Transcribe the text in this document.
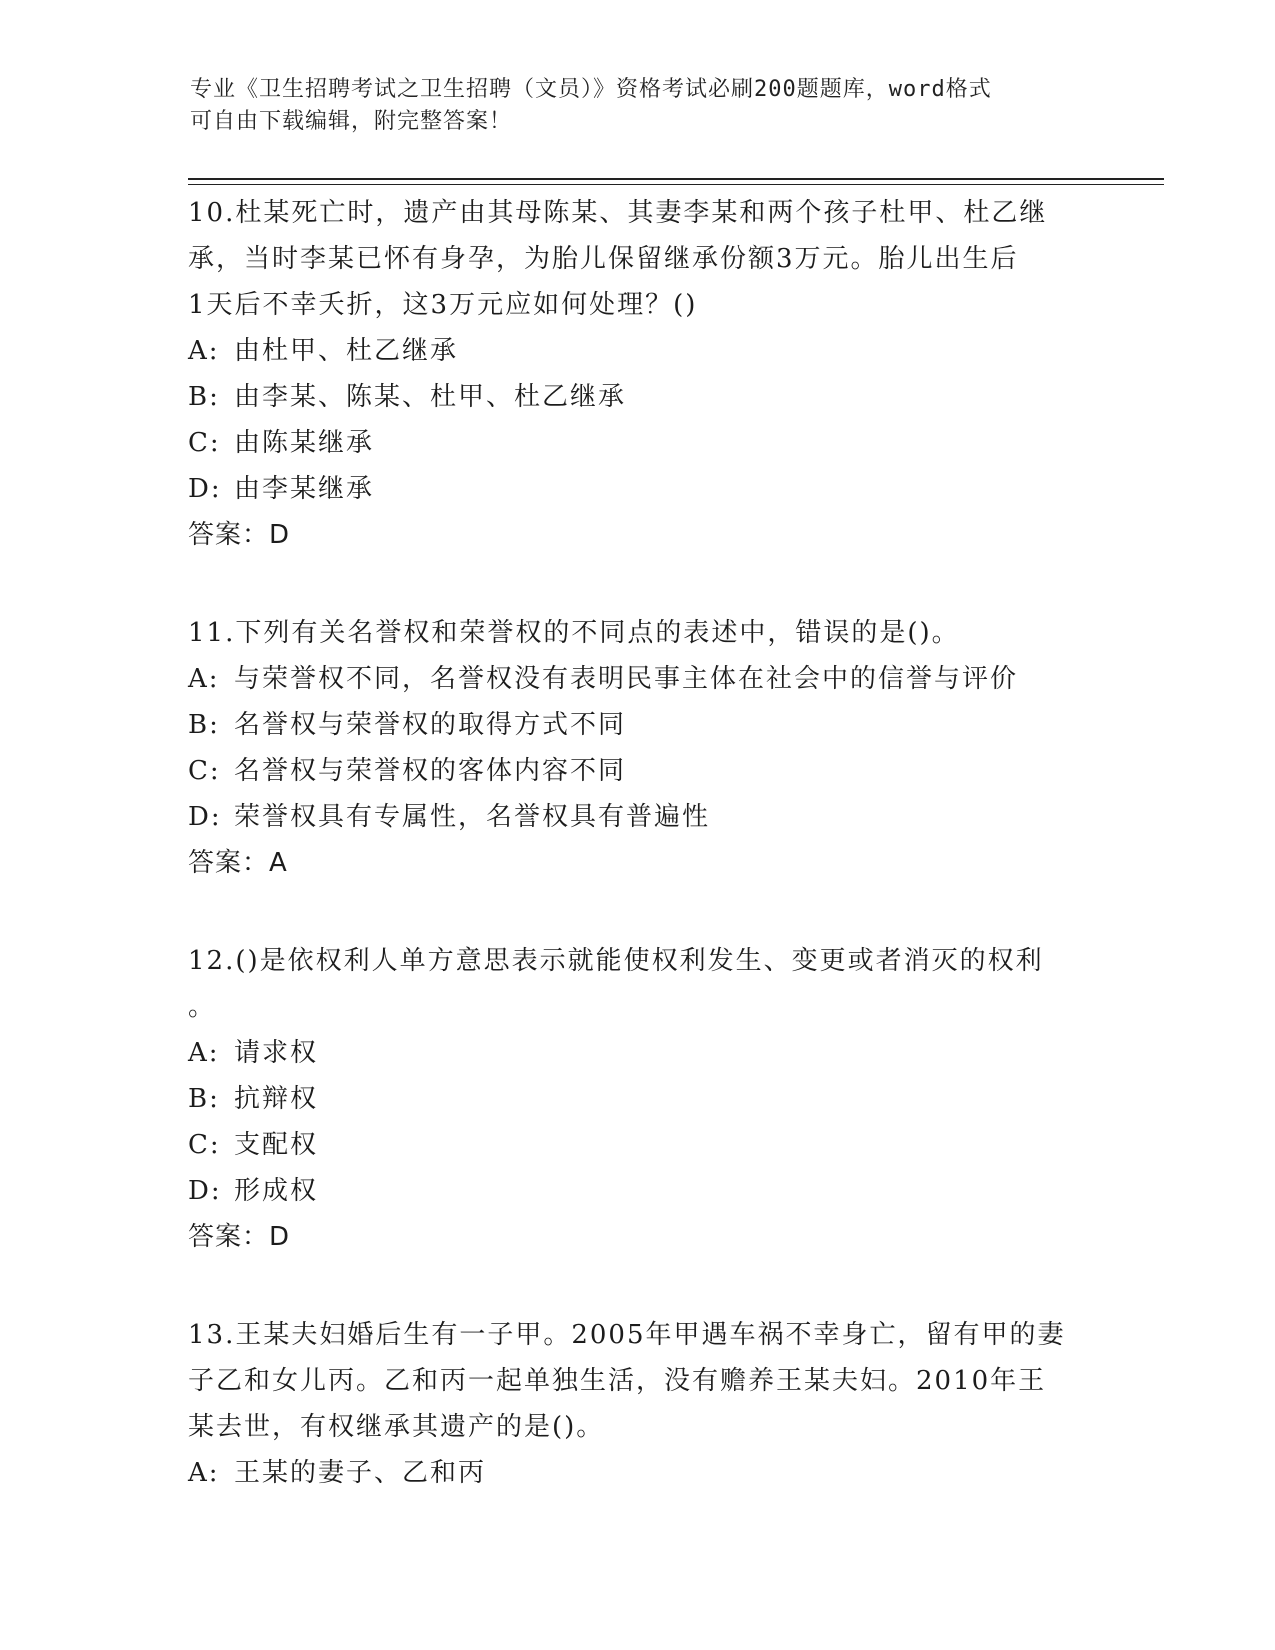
专业《卫生招聘考试之卫生招聘（文员）》资格考试必刷200题题库，word格式
可自由下载编辑，附完整答案！
10.杜某死亡时，遗产由其母陈某、其妻李某和两个孩子杜甲、杜乙继
承，当时李某已怀有身孕，为胎儿保留继承份额3万元。胎儿出生后
1天后不幸夭折，这3万元应如何处理？()
A: 由杜甲、杜乙继承
B: 由李某、陈某、杜甲、杜乙继承
C: 由陈某继承
D: 由李某继承
答案：D
11.下列有关名誉权和荣誉权的不同点的表述中，错误的是()。
A: 与荣誉权不同，名誉权没有表明民事主体在社会中的信誉与评价
B: 名誉权与荣誉权的取得方式不同
C: 名誉权与荣誉权的客体内容不同
D: 荣誉权具有专属性，名誉权具有普遍性
答案：A
12.()是依权利人单方意思表示就能使权利发生、变更或者消灭的权利
。
A: 请求权
B: 抗辩权
C: 支配权
D: 形成权
答案：D
13.王某夫妇婚后生有一子甲。2005年甲遇车祸不幸身亡，留有甲的妻
子乙和女儿丙。乙和丙一起单独生活，没有赡养王某夫妇。2010年王
某去世，有权继承其遗产的是()。
A: 王某的妻子、乙和丙
